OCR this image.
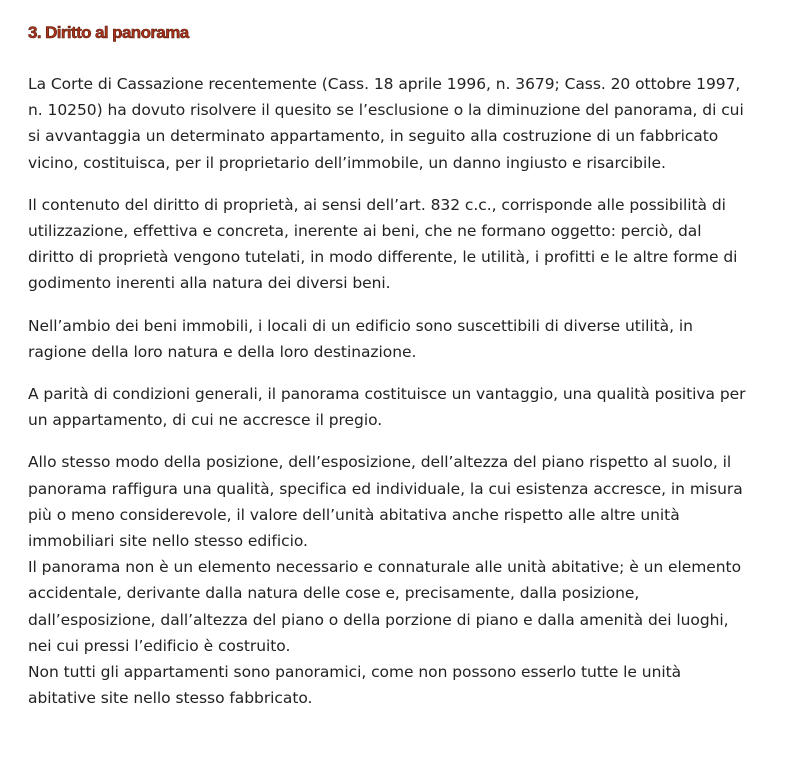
3. Diritto al panorama

La Corte di Cassazione recentemente (Cass. 18 aprile 1996, n. 3679; Cass. 20 ottobre 1997,
n. 10250) ha dovuto risolvere il quesito se l’esclusione o la diminuzione del panorama, di cui
si avvantaggia un determinato appartamento, in seguito alla costruzione di un fabbricato
vicino, costituisca, per il proprietario dell’immobile, un danno ingiusto e risarcibile.

Il contenuto del diritto di proprietà, ai sensi dell’art. 832 c.c., corrisponde alle possibilità di
utilizzazione, effettiva e concreta, inerente ai beni, che ne formano oggetto: perciò, dal
diritto di proprietà vengono tutelati, in modo differente, le utilità, i profitti e le altre forme di
godimento inerenti alla natura dei diversi beni.

Nell’ambio dei beni immobili, i locali di un edificio sono suscettibili di diverse utilità, in
ragione della loro natura e della loro destinazione.

A parità di condizioni generali, il panorama costituisce un vantaggio, una qualità positiva per
un appartamento, di cui ne accresce il pregio.

Allo stesso modo della posizione, dell’esposizione, dell’altezza del piano rispetto al suolo, il
panorama raffigura una qualità, specifica ed individuale, la cui esistenza accresce, in misura
più o meno considerevole, il valore dell’unità abitativa anche rispetto alle altre unità
immobiliari site nello stesso edificio.

Il panorama non è un elemento necessario e connaturale alle unità abitative; è un elemento
accidentale, derivante dalla natura delle cose e, precisamente, dalla posizione,
dall’esposizione, dall’altezza del piano o della porzione di piano e dalla amenità dei luoghi,
nei cui pressi l’edificio è costruito.

Non tutti gli appartamenti sono panoramici, come non possono esserlo tutte le unità
abitative site nello stesso fabbricato.
